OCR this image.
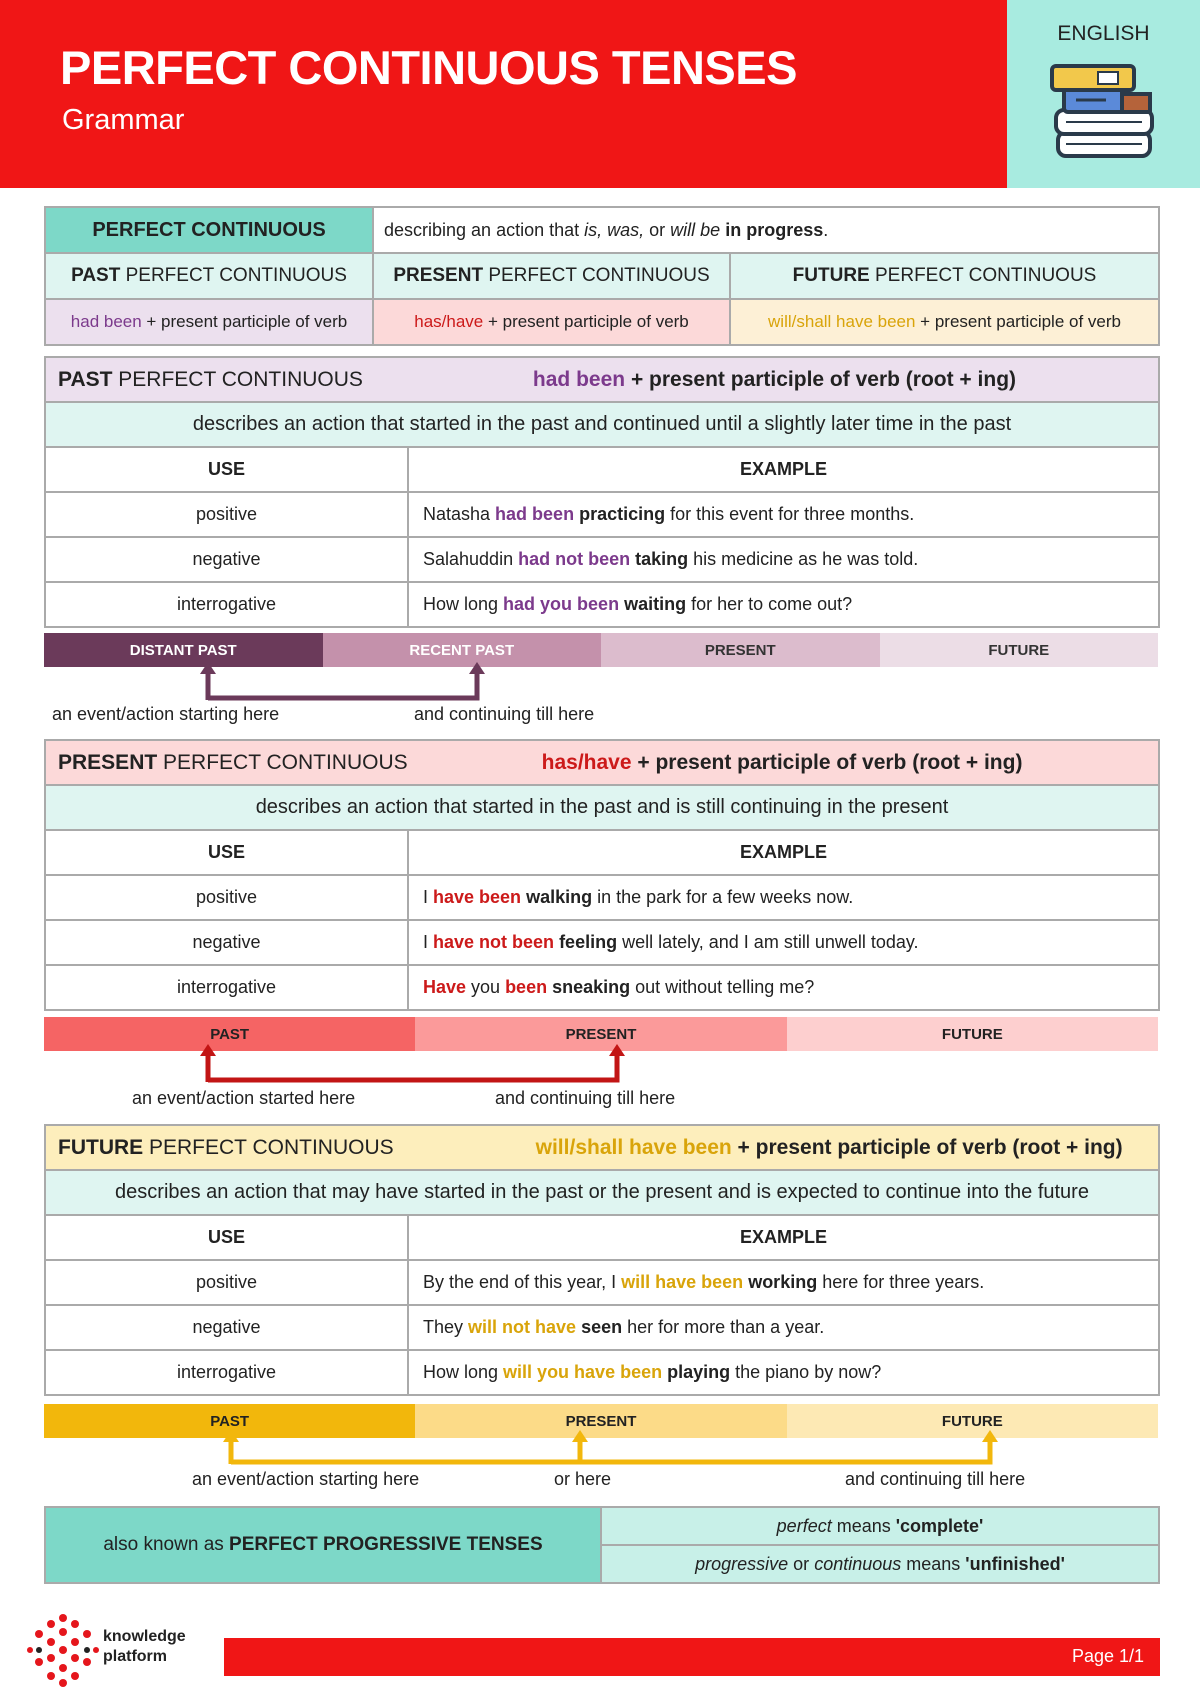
PERFECT CONTINUOUS TENSES
Grammar
ENGLISH
PERFECT CONTINUOUS	describing an action that is, was, or will be in progress.	
PAST PERFECT CONTINUOUS	PRESENT PERFECT CONTINUOUS	FUTURE PERFECT CONTINUOUS
had been + present participle of verb	has/have + present participle of verb	will/shall have been + present participle of verb
PAST PERFECT CONTINUOUS had been + present participle of verb (root + ing)	
describes an action that started in the past and continued until a slightly later time in the past	
USE	EXAMPLE
positive	Natasha had been practicing for this event for three months.
negative	Salahuddin had not been taking his medicine as he was told.
interrogative	How long had you been waiting for her to come out?
DISTANT PAST	RECENT PAST	PRESENT	FUTURE
an event/action starting here	and continuing till here
PRESENT PERFECT CONTINUOUS has/have + present participle of verb (root + ing)	
describes an action that started in the past and is still continuing in the present	
USE	EXAMPLE
positive	I have been walking in the park for a few weeks now.
negative	I have not been feeling well lately, and I am still unwell today.
interrogative	Have you been sneaking out without telling me?
PAST	PRESENT	FUTURE
an event/action started here	and continuing till here
FUTURE PERFECT CONTINUOUS will/shall have been + present participle of verb (root + ing)	
describes an action that may have started in the past or the present and is expected to continue into the future	
USE	EXAMPLE
positive	By the end of this year, I will have been working here for three years.
negative	They will not have seen her for more than a year.
interrogative	How long will you have been playing the piano by now?
PAST	PRESENT	FUTURE
an event/action starting here	or here	and continuing till here
also known as PERFECT PROGRESSIVE TENSES	perfect means 'complete'
progressive or continuous means 'unfinished'
knowledge
platform	Page 1/1
